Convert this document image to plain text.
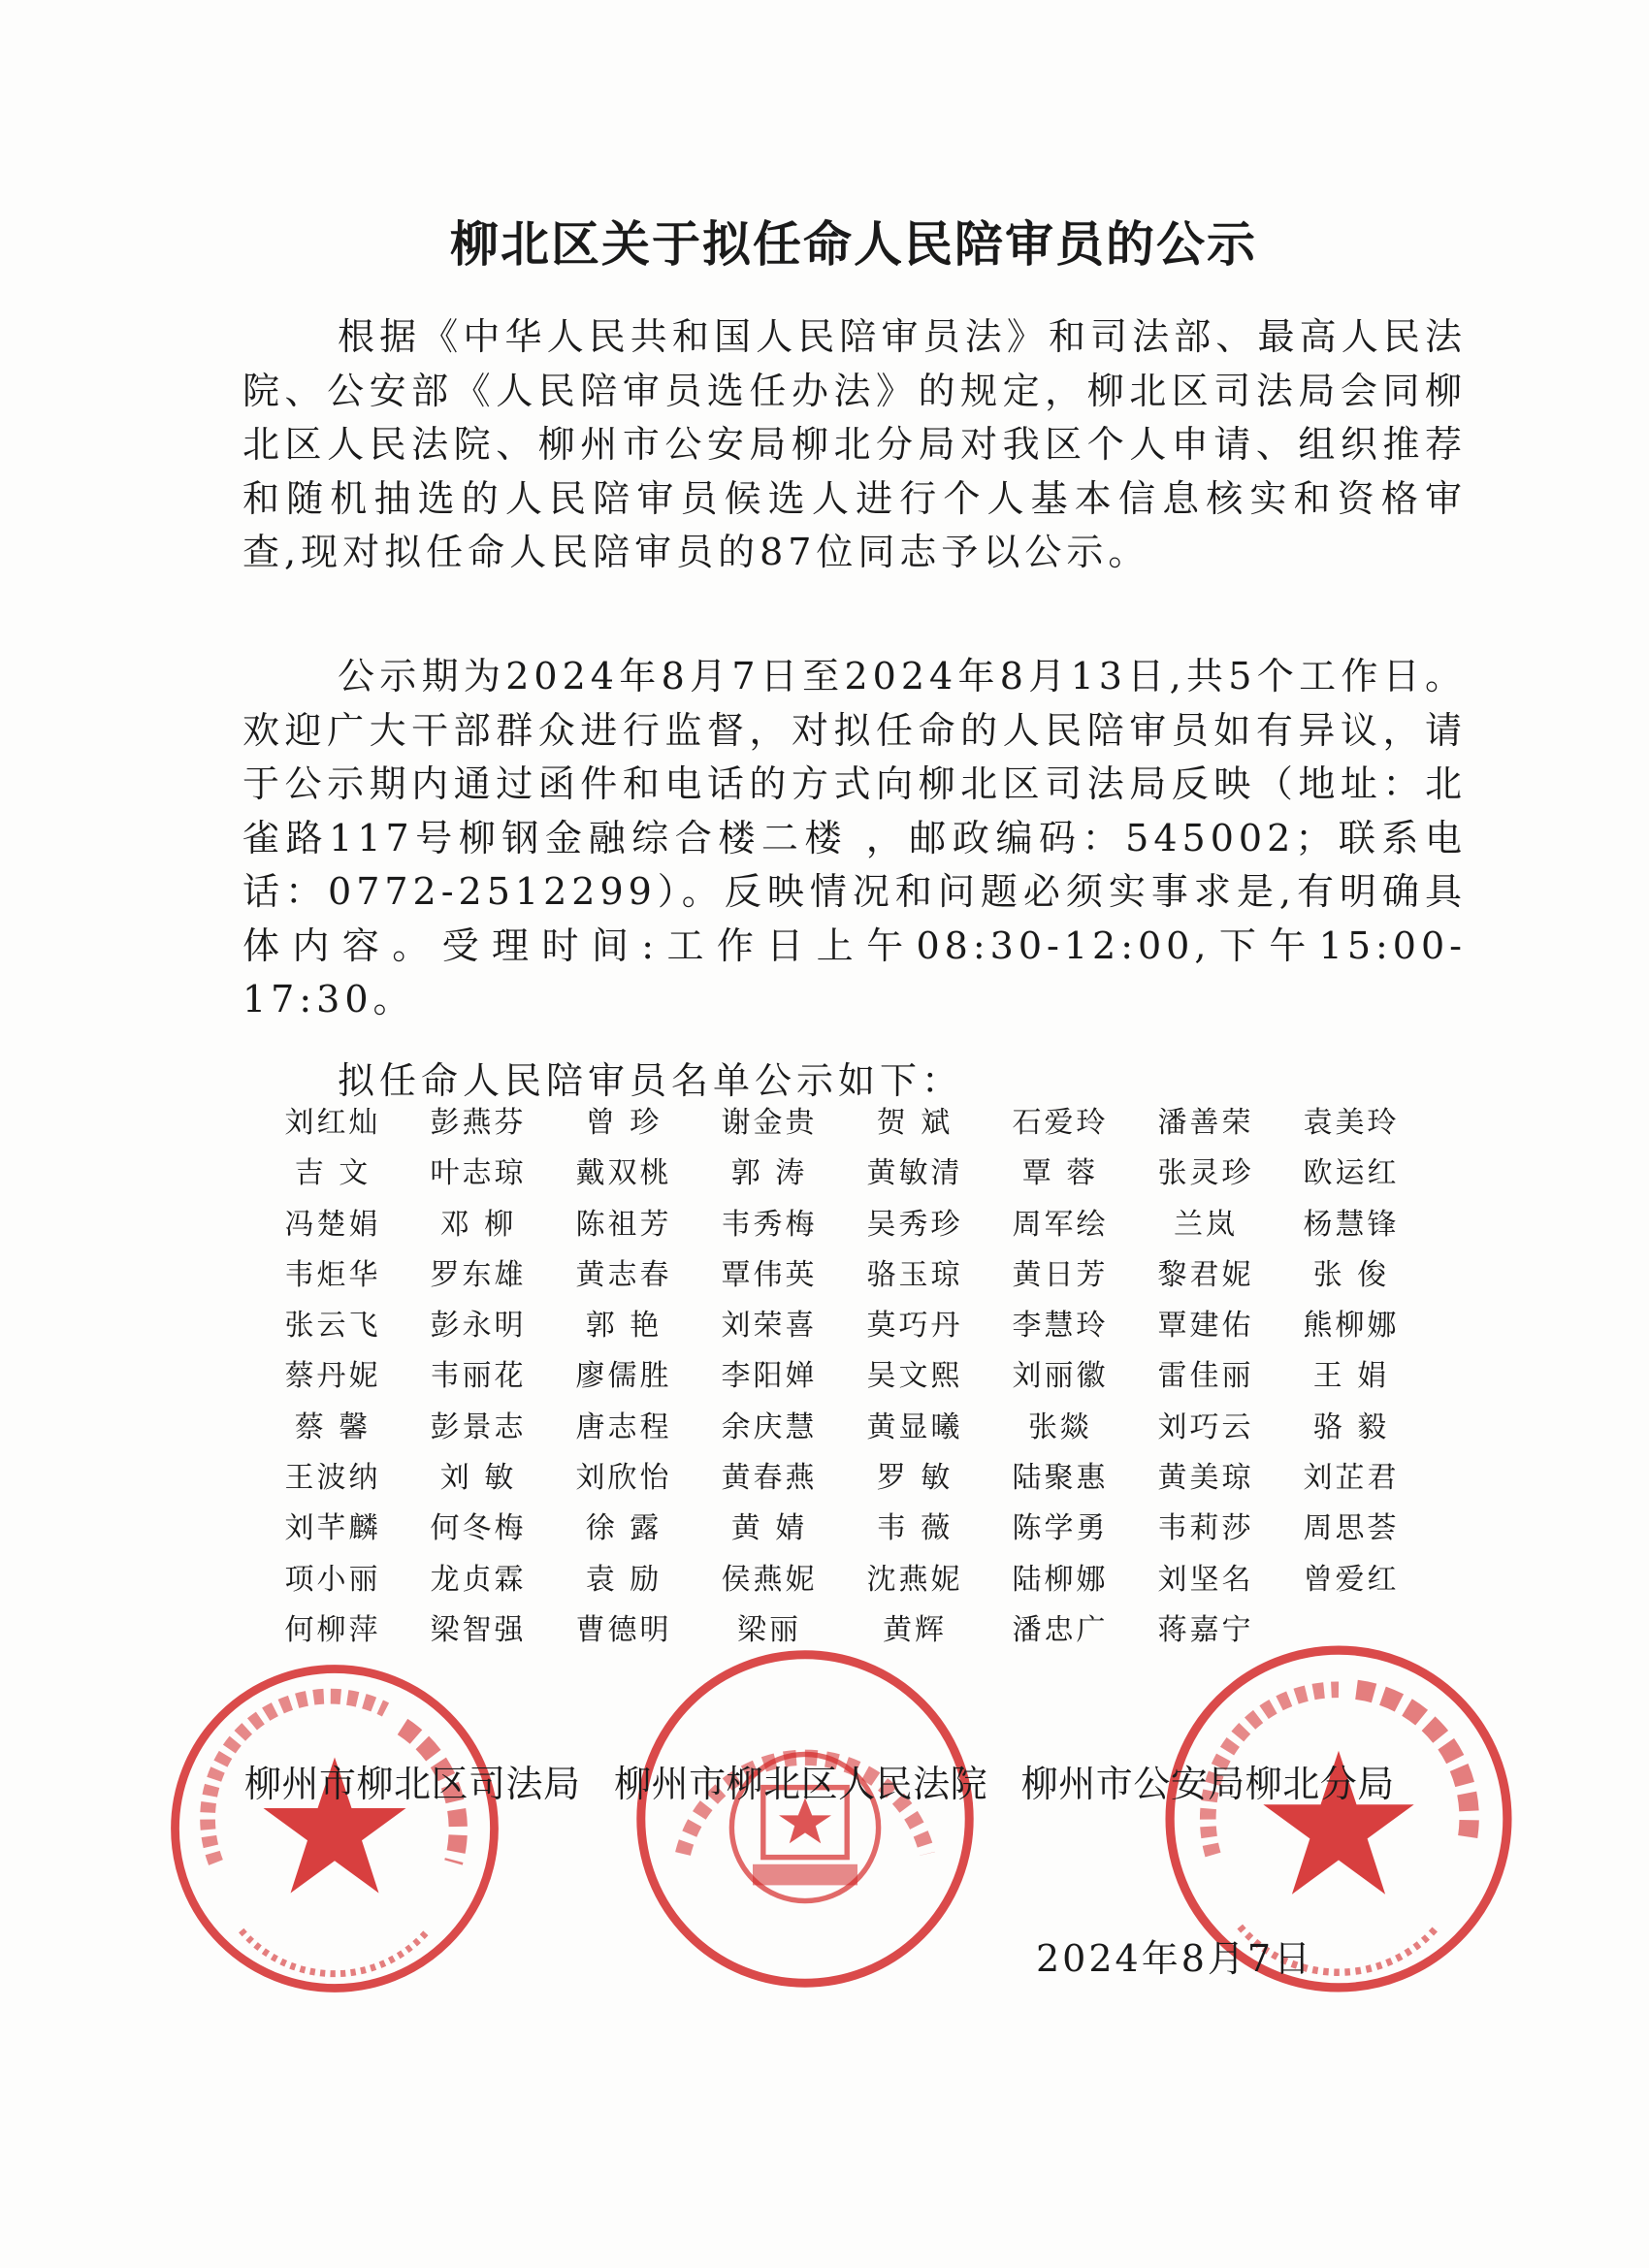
柳北区关于拟任命人民陪审员的公示
根据《中华人民共和国人民陪审员法》和司法部、最高人民法院、公安部《人民陪审员选任办法》的规定，柳北区司法局会同柳北区人民法院、柳州市公安局柳北分局对我区个人申请、组织推荐和随机抽选的人民陪审员候选人进行个人基本信息核实和资格审查,现对拟任命人民陪审员的87位同志予以公示。
公示期为2024年8月7日至2024年8月13日,共5个工作日。欢迎广大干部群众进行监督，对拟任命的人民陪审员如有异议，请于公示期内通过函件和电话的方式向柳北区司法局反映（地址：北雀路117号柳钢金融综合楼二楼 ，邮政编码：545002；联系电话：0772-2512299）。反映情况和问题必须实事求是,有明确具体内容。受理时间:工作日上午08:30-12:00,下午15:00-17:30。
拟任命人民陪审员名单公示如下：
刘红灿	彭燕芬	曾 珍	谢金贵	贺 斌	石爱玲	潘善荣	袁美玲
吉 文	叶志琼	戴双桃	郭 涛	黄敏清	覃 蓉	张灵珍	欧运红
冯楚娟	邓 柳	陈祖芳	韦秀梅	吴秀珍	周军绘	兰岚	杨慧锋
韦炬华	罗东雄	黄志春	覃伟英	骆玉琼	黄日芳	黎君妮	张 俊
张云飞	彭永明	郭 艳	刘荣喜	莫巧丹	李慧玲	覃建佑	熊柳娜
蔡丹妮	韦丽花	廖儒胜	李阳婵	吴文熙	刘丽徽	雷佳丽	王 娟
蔡 馨	彭景志	唐志程	余庆慧	黄显曦	张燚	刘巧云	骆 毅
王波纳	刘 敏	刘欣怡	黄春燕	罗 敏	陆聚惠	黄美琼	刘芷君
刘芊麟	何冬梅	徐 露	黄 婧	韦 薇	陈学勇	韦莉莎	周思荟
项小丽	龙贞霖	袁 励	侯燕妮	沈燕妮	陆柳娜	刘坚名	曾爱红
何柳萍	梁智强	曹德明	梁丽	黄辉	潘忠广	蒋嘉宁
柳州市柳北区司法局 柳州市柳北区人民法院 柳州市公安局柳北分局
2024年8月7日
